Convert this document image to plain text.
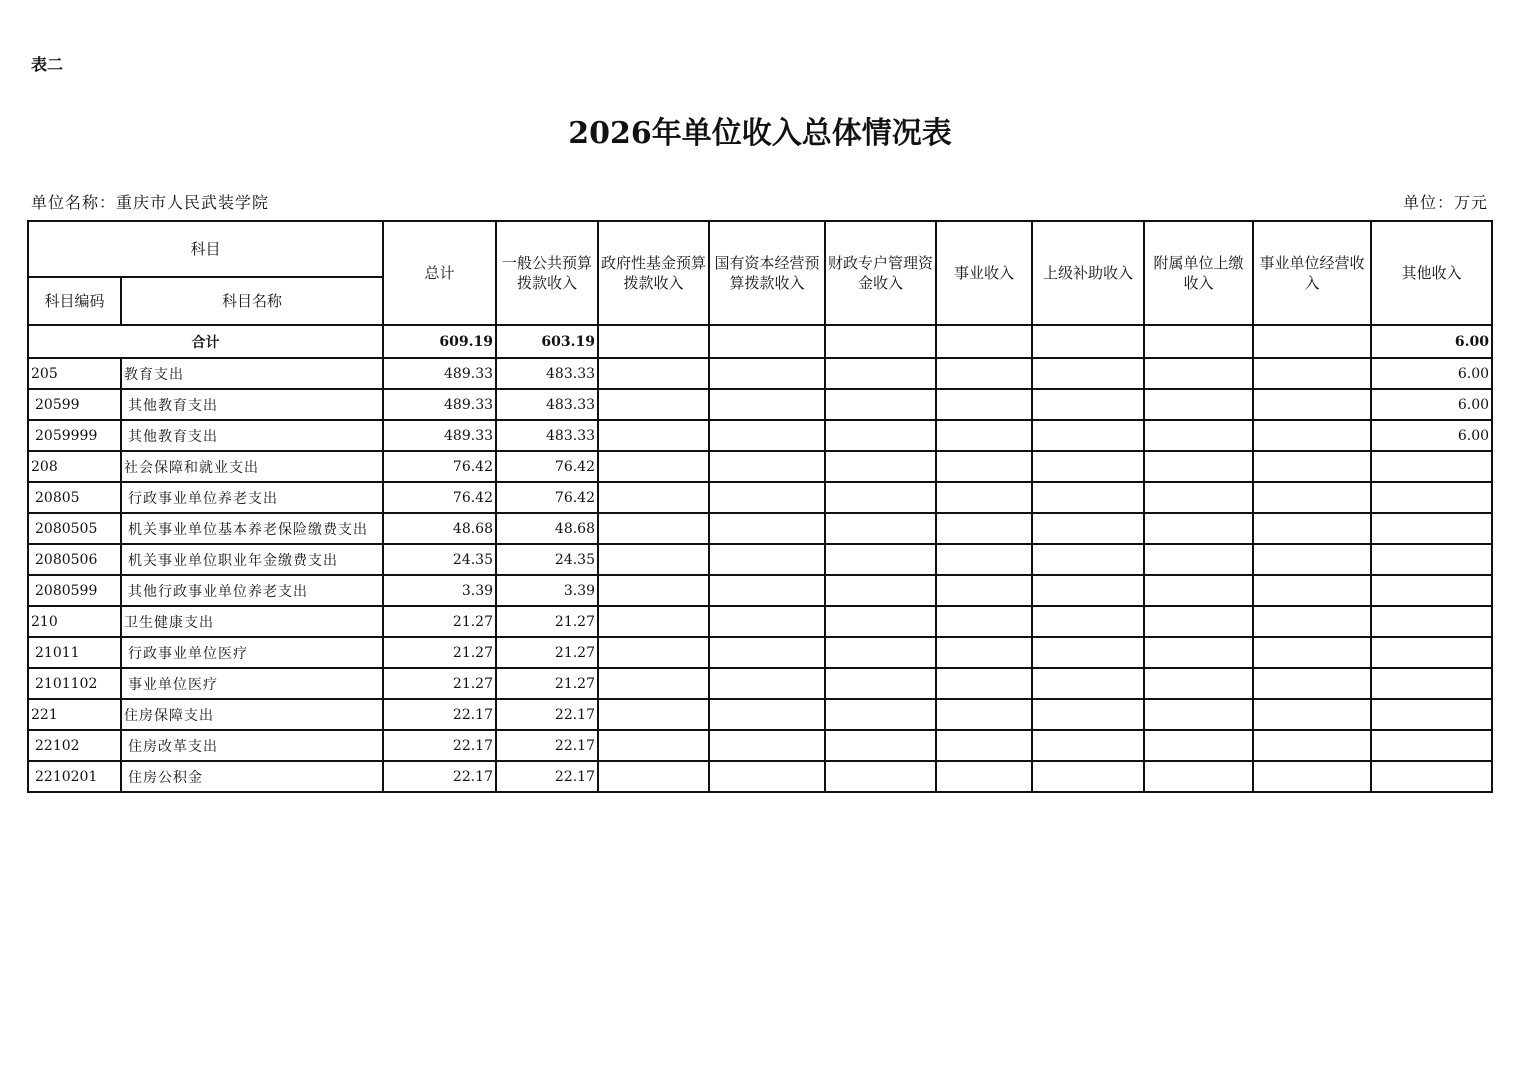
表二
2026年单位收入总体情况表
单位名称：重庆市人民武装学院	单位：万元
科目		总计	一般公共预算拨款收入	政府性基金预算拨款收入	国有资本经营预算拨款收入	财政专户管理资金收入	事业收入	上级补助收入	附属单位上缴收入	事业单位经营收入	其他收入
科目编码	科目名称										
合计		609.19	603.19								6.00
205	教育支出	489.33	483.33								6.00
20599	其他教育支出	489.33	483.33								6.00
2059999	其他教育支出	489.33	483.33								6.00
208	社会保障和就业支出	76.42	76.42								
20805	行政事业单位养老支出	76.42	76.42								
2080505	机关事业单位基本养老保险缴费支出	48.68	48.68								
2080506	机关事业单位职业年金缴费支出	24.35	24.35								
2080599	其他行政事业单位养老支出	3.39	3.39								
210	卫生健康支出	21.27	21.27								
21011	行政事业单位医疗	21.27	21.27								
2101102	事业单位医疗	21.27	21.27								
221	住房保障支出	22.17	22.17								
22102	住房改革支出	22.17	22.17								
2210201	住房公积金	22.17	22.17								
